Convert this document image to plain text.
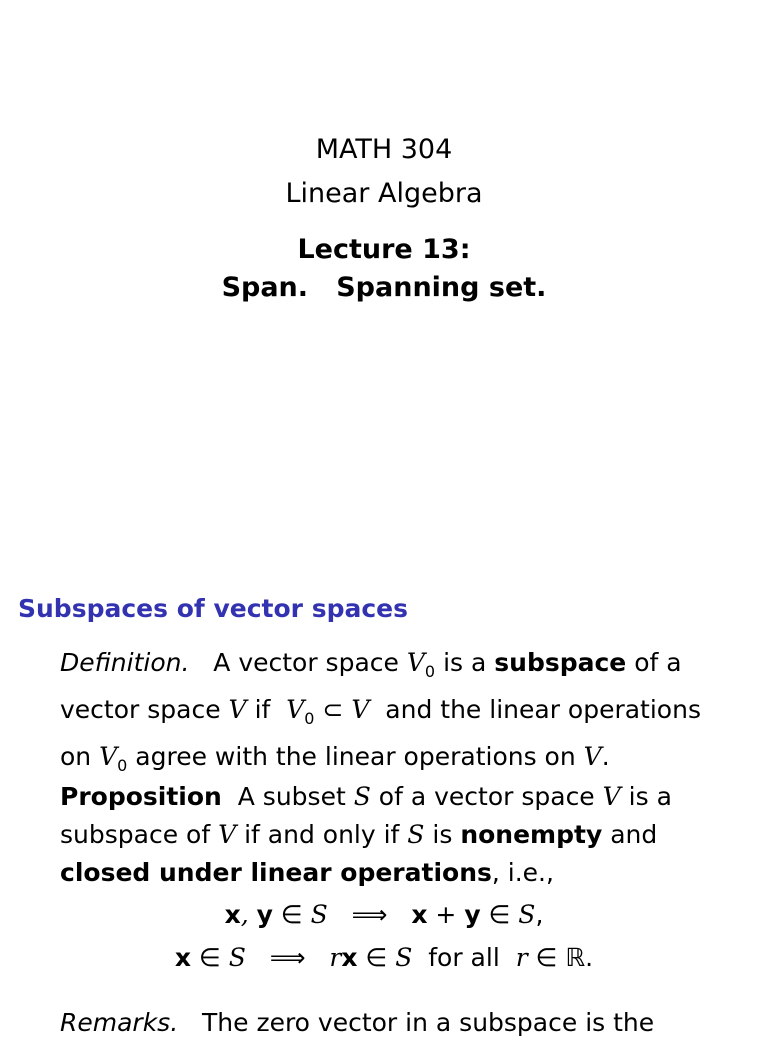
MATH 304
Linear Algebra
Lecture 13:
Span.   Spanning set.
Subspaces of vector spaces
Definition. A vector space $V_0$ is a subspace of a
vector space V if $V_0$ ⊂ V and the linear operations
on $V_0$ agree with the linear operations on V.
Proposition A subset S of a vector space V is a
subspace of V if and only if S is nonempty and
closed under linear operations, i.e.,
x, y ∈ S ⟹ x + y ∈ S,
x ∈ S ⟹ rx ∈ S for all r ∈ ℝ.
Remarks. The zero vector in a subspace is the
